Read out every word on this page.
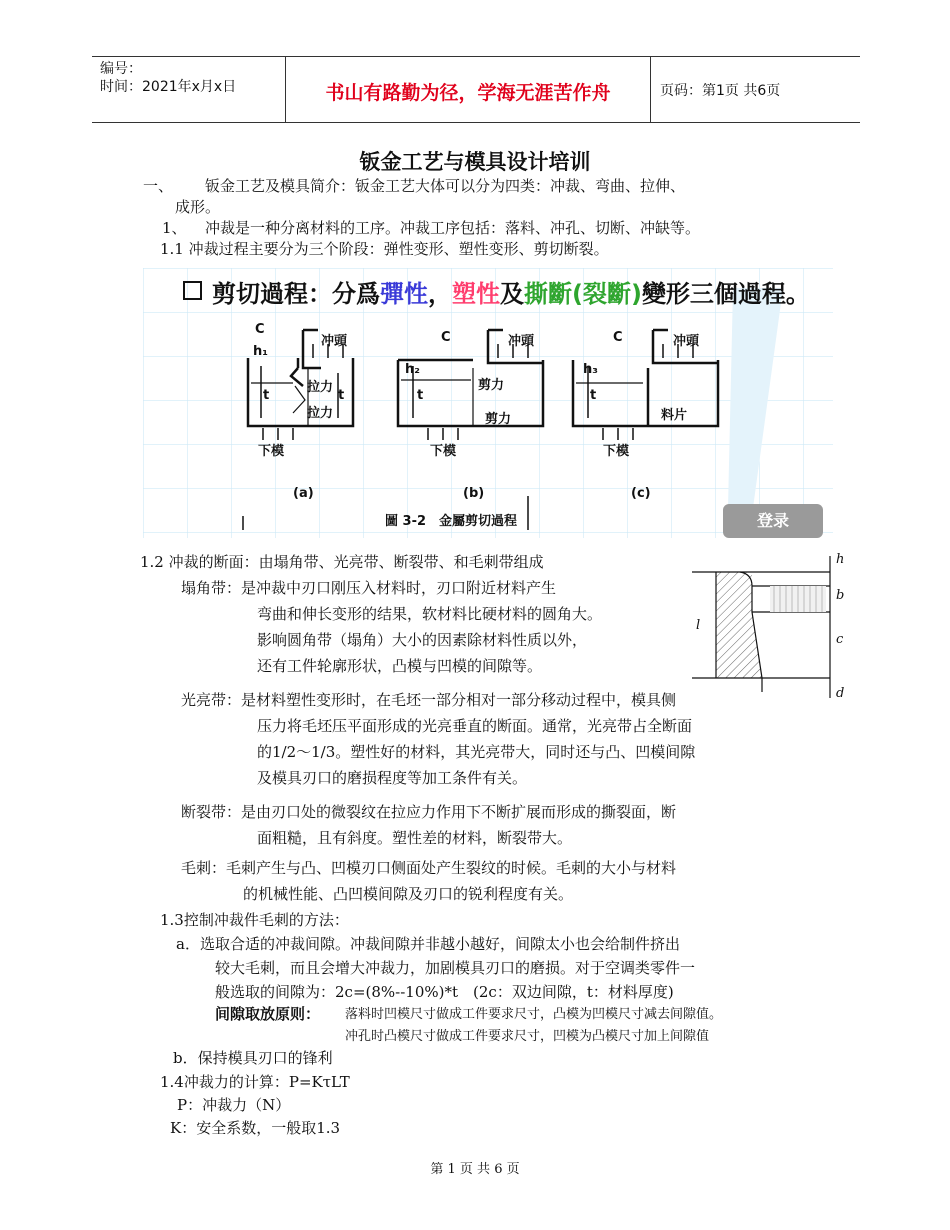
编号：
时间：2021年x月x日	书山有路勤为径，学海无涯苦作舟	页码：第1页 共6页
钣金工艺与模具设计培训
一、 钣金工艺及模具简介：钣金工艺大体可以分为四类：冲裁、弯曲、拉伸、
成形。
1、 冲裁是一种分离材料的工序。冲裁工序包括：落料、冲孔、切断、冲缺等。
1.1 冲裁过程主要分为三个阶段：弹性变形、塑性变形、剪切断裂。
剪切過程：分爲彈性，塑性及撕斷(裂斷)變形三個過程。
C
C	C
冲頭	冲頭	冲頭
h₁
h₂	h₃
t	t	t	t
拉力
拉力
剪力
剪力	料片
下模	下模	下模
(a)	(b)	(c)
圖 3-2　金屬剪切過程	登录
1.2 冲裁的断面：由塌角带、光亮带、断裂带、和毛刺带组成
塌角带：是冲裁中刃口刚压入材料时，刃口附近材料产生
弯曲和伸长变形的结果，软材料比硬材料的圆角大。
影响圆角带（塌角）大小的因素除材料性质以外，
还有工件轮廓形状，凸模与凹模的间隙等。
h
b
c
l
d
光亮带：是材料塑性变形时，在毛坯一部分相对一部分移动过程中，模具侧
压力将毛坯压平面形成的光亮垂直的断面。通常，光亮带占全断面
的1/2～1/3。塑性好的材料，其光亮带大，同时还与凸、凹模间隙
及模具刃口的磨损程度等加工条件有关。
断裂带：是由刃口处的微裂纹在拉应力作用下不断扩展而形成的撕裂面，断
面粗糙，且有斜度。塑性差的材料，断裂带大。
毛刺：毛刺产生与凸、凹模刃口侧面处产生裂纹的时候。毛刺的大小与材料
的机械性能、凸凹模间隙及刃口的锐利程度有关。
1.3控制冲裁件毛刺的方法：
a．选取合适的冲裁间隙。冲裁间隙并非越小越好，间隙太小也会给制件挤出
较大毛刺，而且会增大冲裁力，加剧模具刃口的磨损。对于空调类零件一
般选取的间隙为：2c=(8%--10%)*t　(2c：双边间隙，t：材料厚度)
间隙取放原则： 落料时凹模尺寸做成工件要求尺寸，凸模为凹模尺寸减去间隙值。
冲孔时凸模尺寸做成工件要求尺寸，凹模为凸模尺寸加上间隙值
b．保持模具刃口的锋利
1.4冲裁力的计算：P=KτLT
P：冲裁力（N）
K：安全系数，一般取1.3
第 1 页 共 6 页
